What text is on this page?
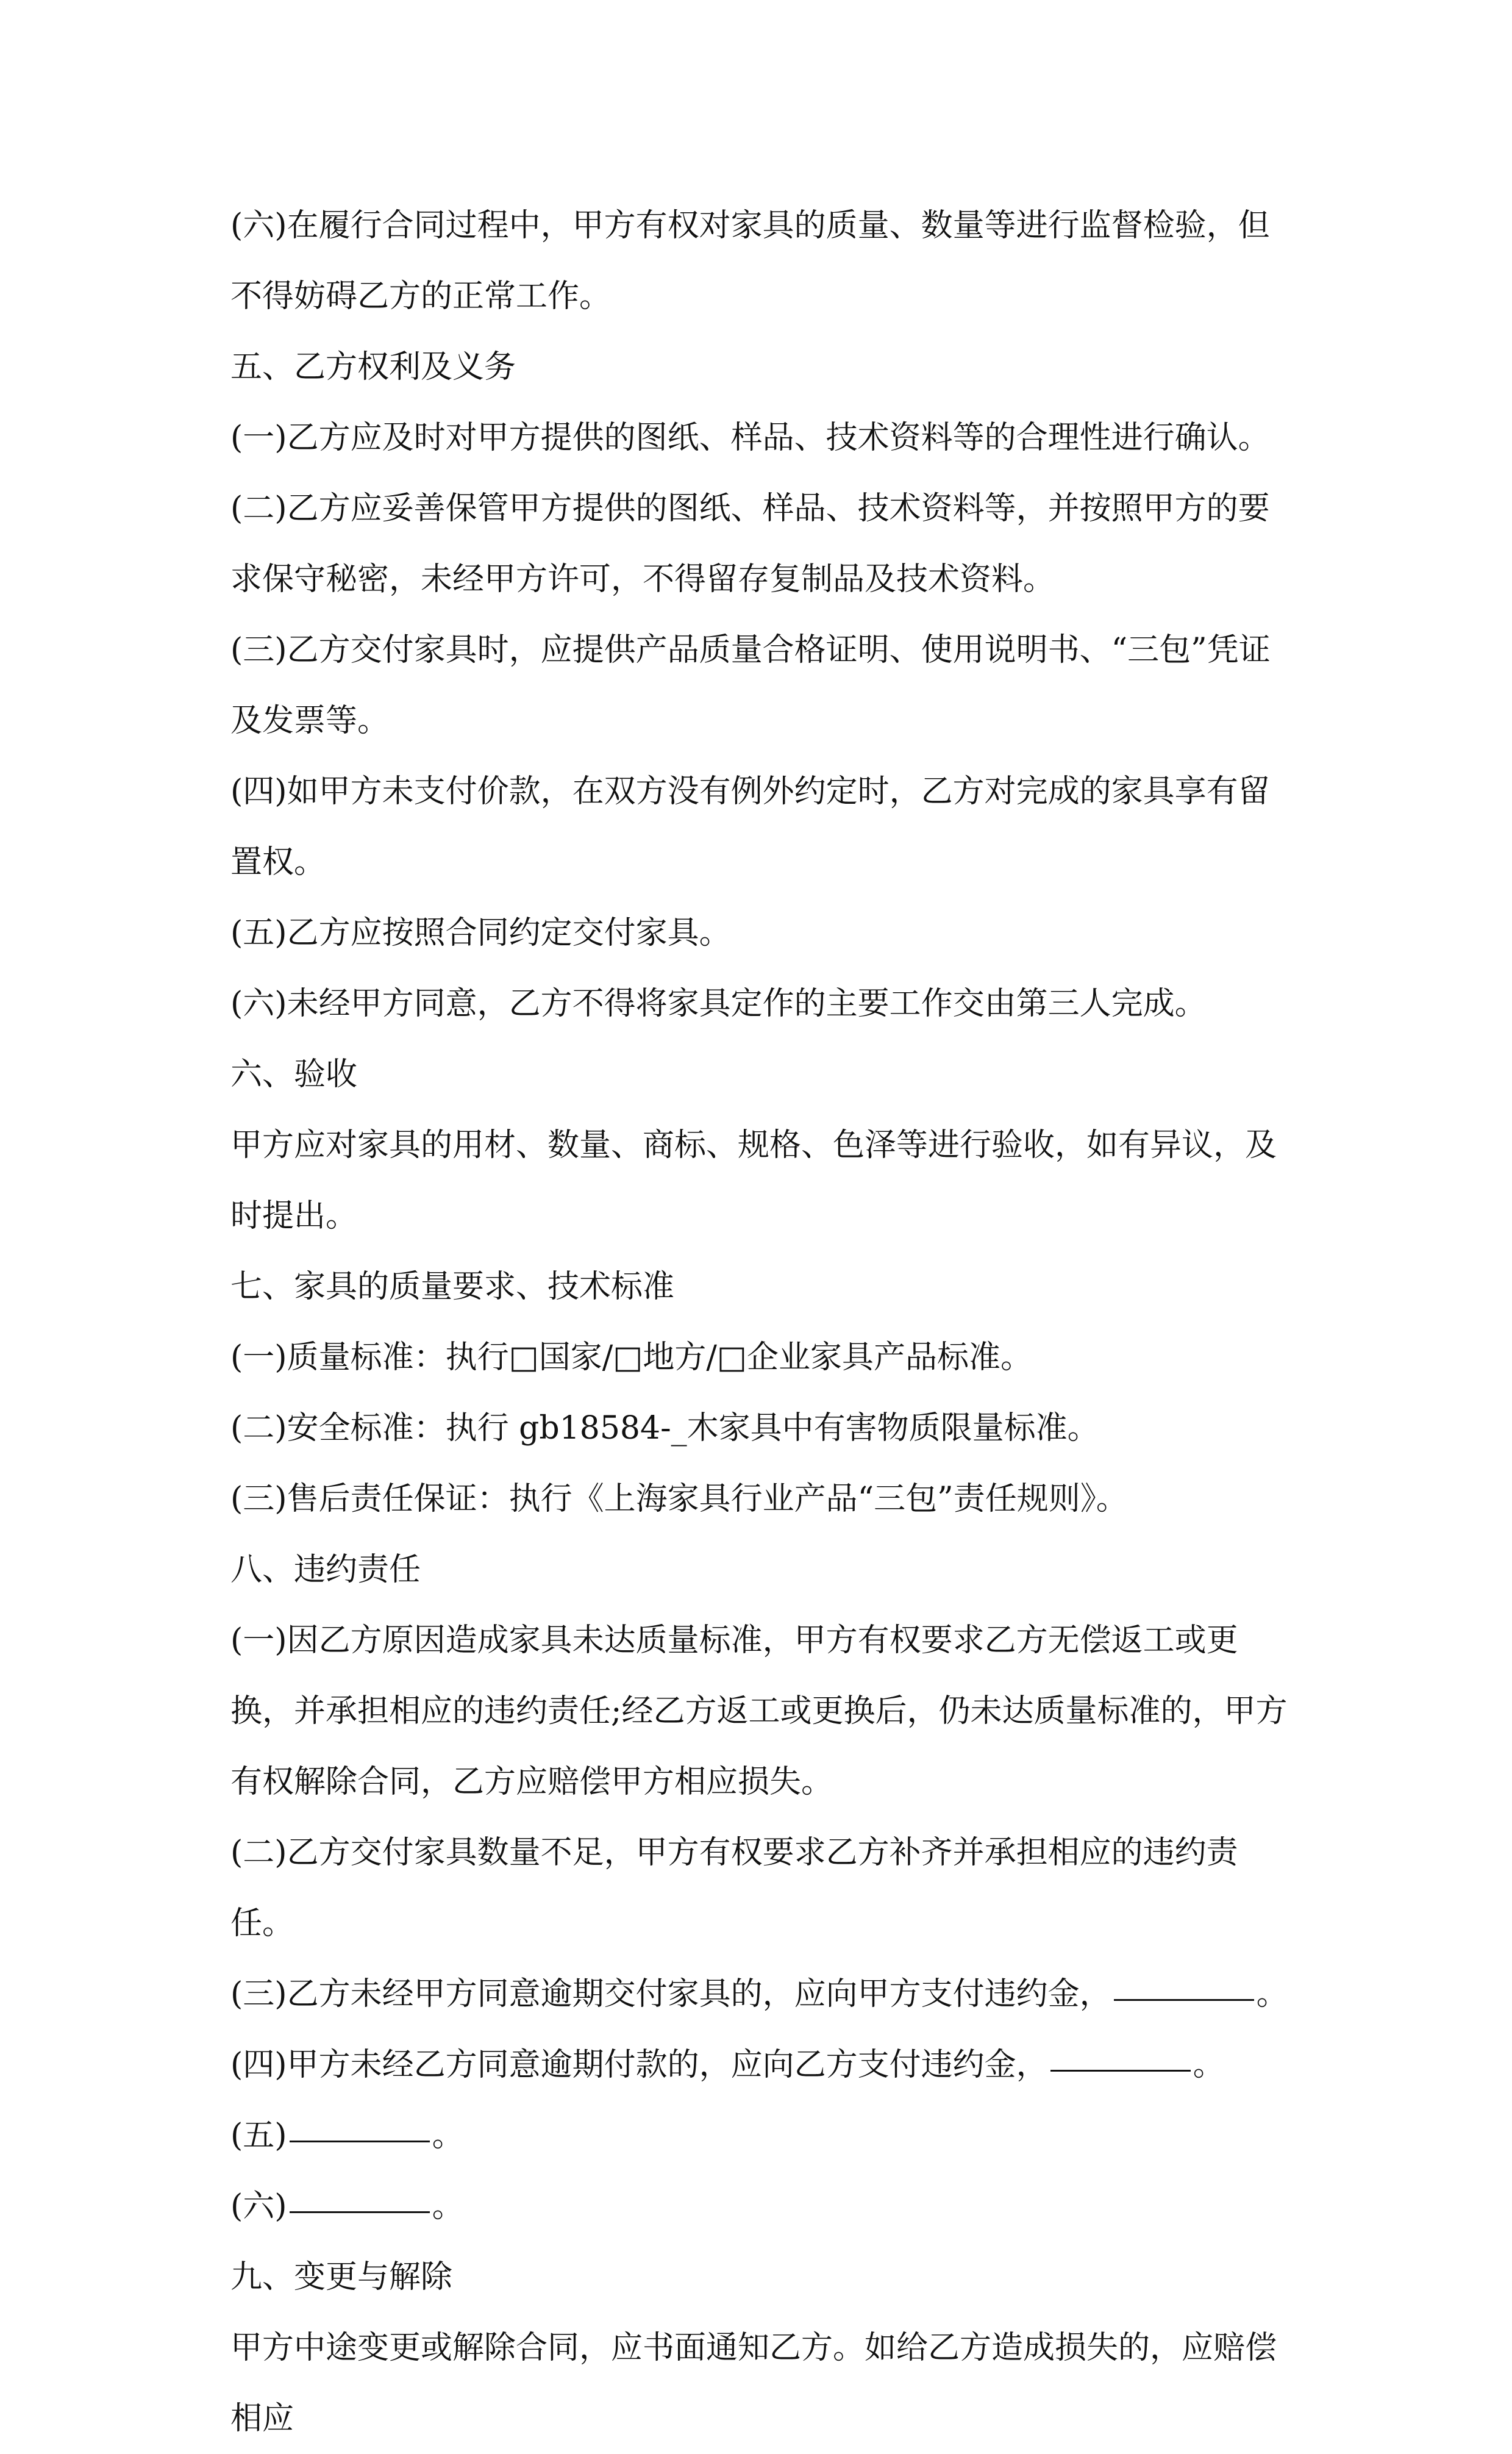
(六)在履行合同过程中，甲方有权对家具的质量、数量等进行监督检验，但不得妨碍乙方的正常工作。

五、乙方权利及义务

(一)乙方应及时对甲方提供的图纸、样品、技术资料等的合理性进行确认。

(二)乙方应妥善保管甲方提供的图纸、样品、技术资料等，并按照甲方的要求保守秘密，未经甲方许可，不得留存复制品及技术资料。

(三)乙方交付家具时，应提供产品质量合格证明、使用说明书、“三包”凭证及发票等。

(四)如甲方未支付价款，在双方没有例外约定时，乙方对完成的家具享有留置权。

(五)乙方应按照合同约定交付家具。

(六)未经甲方同意，乙方不得将家具定作的主要工作交由第三人完成。

六、验收

甲方应对家具的用材、数量、商标、规格、色泽等进行验收，如有异议，及时提出。

七、家具的质量要求、技术标准

(一)质量标准：执行□国家/□地方/□企业家具产品标准。

(二)安全标准：执行 gb18584-_木家具中有害物质限量标准。

(三)售后责任保证：执行《上海家具行业产品“三包”责任规则》。

八、违约责任

(一)因乙方原因造成家具未达质量标准，甲方有权要求乙方无偿返工或更换，并承担相应的违约责任;经乙方返工或更换后，仍未达质量标准的，甲方有权解除合同，乙方应赔偿甲方相应损失。

(二)乙方交付家具数量不足，甲方有权要求乙方补齐并承担相应的违约责任。

(三)乙方未经甲方同意逾期交付家具的，应向甲方支付违约金，	。

(四)甲方未经乙方同意逾期付款的，应向乙方支付违约金，	。

(五)	。

(六)	。

九、变更与解除

甲方中途变更或解除合同，应书面通知乙方。如给乙方造成损失的，应赔偿相应
